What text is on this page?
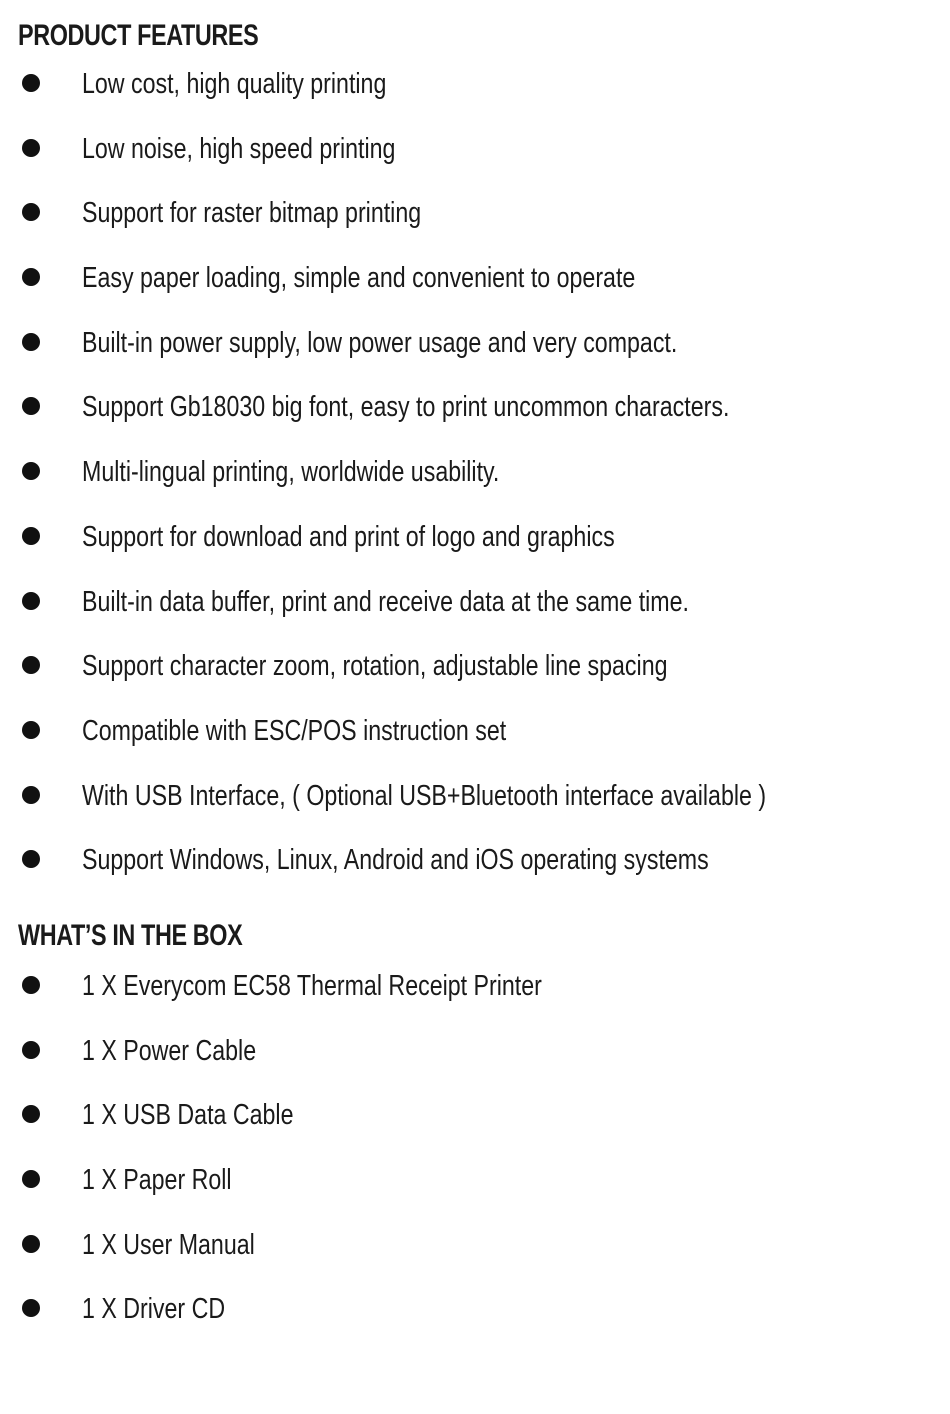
PRODUCT FEATURES
Low cost, high quality printing
Low noise, high speed printing
Support for raster bitmap printing
Easy paper loading, simple and convenient to operate
Built-in power supply, low power usage and very compact.
Support Gb18030 big font, easy to print uncommon characters.
Multi-lingual printing, worldwide usability.
Support for download and print of logo and graphics
Built-in data buffer, print and receive data at the same time.
Support character zoom, rotation, adjustable line spacing
Compatible with ESC/POS instruction set
With USB Interface, ( Optional USB+Bluetooth interface available )
Support Windows, Linux, Android and iOS operating systems
WHAT’S IN THE BOX
1 X Everycom EC58 Thermal Receipt Printer
1 X Power Cable
1 X USB Data Cable
1 X Paper Roll
1 X User Manual
1 X Driver CD
